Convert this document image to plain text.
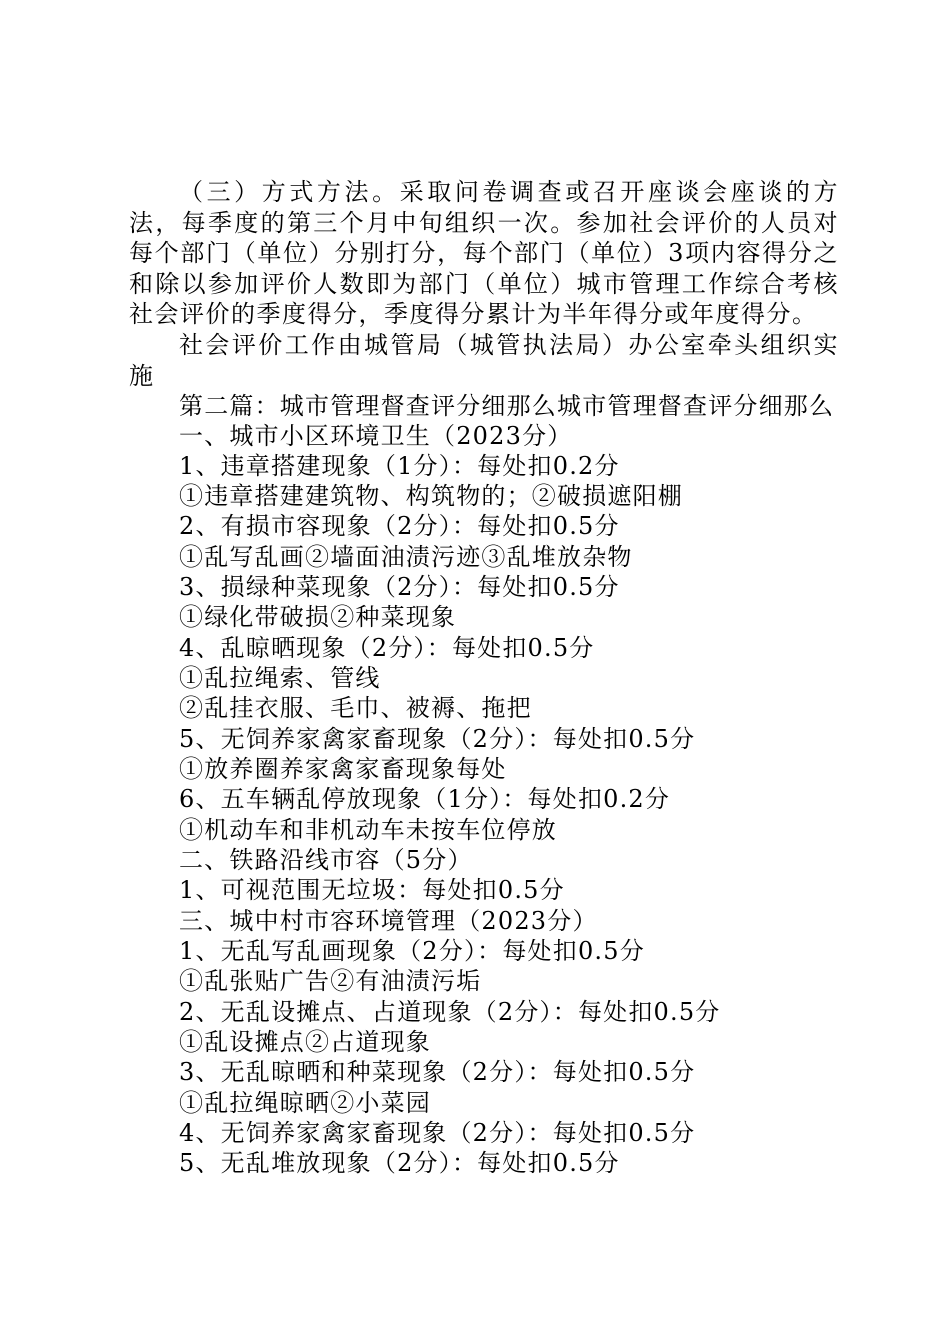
（三）方式方法。采取问卷调查或召开座谈会座谈的方法，每季度的第三个月中旬组织一次。参加社会评价的人员对每个部门（单位）分别打分，每个部门（单位）3项内容得分之和除以参加评价人数即为部门（单位）城市管理工作综合考核社会评价的季度得分，季度得分累计为半年得分或年度得分。

社会评价工作由城管局（城管执法局）办公室牵头组织实施

第二篇：城市管理督查评分细那么城市管理督查评分细那么

一、城市小区环境卫生（2023分）

1、违章搭建现象（1分）：每处扣0.2分

①违章搭建建筑物、构筑物的；②破损遮阳棚

2、有损市容现象（2分）：每处扣0.5分

①乱写乱画②墙面油渍污迹③乱堆放杂物

3、损绿种菜现象（2分）：每处扣0.5分

①绿化带破损②种菜现象

4、乱晾晒现象（2分）：每处扣0.5分

①乱拉绳索、管线

②乱挂衣服、毛巾、被褥、拖把

5、无饲养家禽家畜现象（2分）：每处扣0.5分

①放养圈养家禽家畜现象每处

6、五车辆乱停放现象（1分）：每处扣0.2分

①机动车和非机动车未按车位停放

二、铁路沿线市容（5分）

1、可视范围无垃圾：每处扣0.5分

三、城中村市容环境管理（2023分）

1、无乱写乱画现象（2分）：每处扣0.5分

①乱张贴广告②有油渍污垢

2、无乱设摊点、占道现象（2分）：每处扣0.5分

①乱设摊点②占道现象

3、无乱晾晒和种菜现象（2分）：每处扣0.5分

①乱拉绳晾晒②小菜园

4、无饲养家禽家畜现象（2分）：每处扣0.5分

5、无乱堆放现象（2分）：每处扣0.5分
